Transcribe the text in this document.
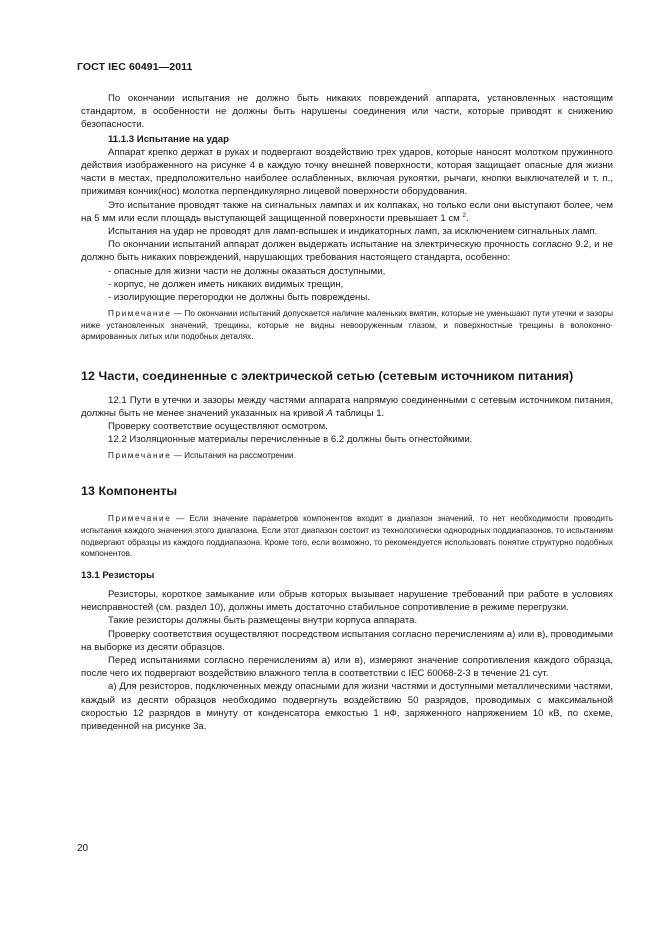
ГОСТ IEC 60491—2011

По окончании испытания не должно быть никаких повреждений аппарата, установленных настоящим стандартом, в особенности не должны быть нарушены соединения или части, которые приводят к снижению безопасности.

11.1.3 Испытание на удар

Аппарат крепко держат в руках и подвергают воздействию трех ударов, которые наносят молотком пружинного действия изображенного на рисунке 4 в каждую точку внешней поверхности, которая защищает опасные для жизни части в местах, предположительно наиболее ослабленных, включая рукоятки, рычаги, кнопки выключателей и т. п., прижимая кончик(нос) молотка перпендикулярно лицевой поверхности оборудования.

Это испытание проводят также на сигнальных лампах и их колпаках, но только если они выступают более, чем на 5 мм или если площадь выступающей защищенной поверхности превышает 1 см $^2$.

Испытания на удар не проводят для ламп-вспышек и индикаторных ламп, за исключением сигнальных ламп.

По окончании испытаний аппарат должен выдержать испытание на электрическую прочность согласно 9.2, и не должно быть никаких повреждений, нарушающих требования настоящего стандарта, особенно:

- опасные для жизни части не должны оказаться доступными,

- корпус, не должен иметь никаких видимых трещин,

- изолирующие перегородки не должны быть повреждены.

Примечание — По окончании испытаний допускается наличие маленьких вмятин, которые не уменьшают пути утечки и зазоры ниже установленных значений, трещины, которые не видны невооруженным глазом, и поверхностные трещины в волоконно-армированных литых или подобных деталях.

12 Части, соединенные с электрической сетью (сетевым источником питания)

12.1 Пути в утечки и зазоры между частями аппарата напрямую соединенными с сетевым источником питания, должны быть не менее значений указанных на кривой А таблицы 1.

Проверку соответствие осуществляют осмотром.

12.2 Изоляционные материалы перечисленные в 6.2 должны быть огнестойкими.

Примечание — Испытания на рассмотрении.

13 Компоненты

Примечание — Если значение параметров компонентов входит в диапазон значений, то нет необходимости проводить испытания каждого значения этого диапазона. Если этот диапазон состоит из технологически однородных поддиапазонов, то испытаниям подвергают образцы из каждого поддиапазона. Кроме того, если возможно, то рекомендуется использовать понятие структурно подобных компонентов.

13.1 Резисторы

Резисторы, короткое замыкание или обрыв которых вызывает нарушение требований при работе в условиях неисправностей (см. раздел 10), должны иметь достаточно стабильное сопротивление в режиме перегрузки.

Такие резисторы должны быть размещены внутри корпуса аппарата.

Проверку соответствия осуществляют посредством испытания согласно перечислениям а) или в), проводимыми на выборке из десяти образцов.

Перед испытаниями согласно перечислениям а) или в), измеряют значение сопротивления каждого образца, после чего их подвергают воздействию влажного тепла в соответствии с IEC 60068-2-3 в течение 21 сут.

а) Для резисторов, подключенных между опасными для жизни частями и доступными металлическими частями, каждый из десяти образцов необходимо подвергнуть воздействию 50 разрядов, проводимых с максимальной скоростью 12 разрядов в минуту от конденсатора емкостью 1 нФ, заряженного напряжением 10 кВ, по схеме, приведенной на рисунке 3а.

20
